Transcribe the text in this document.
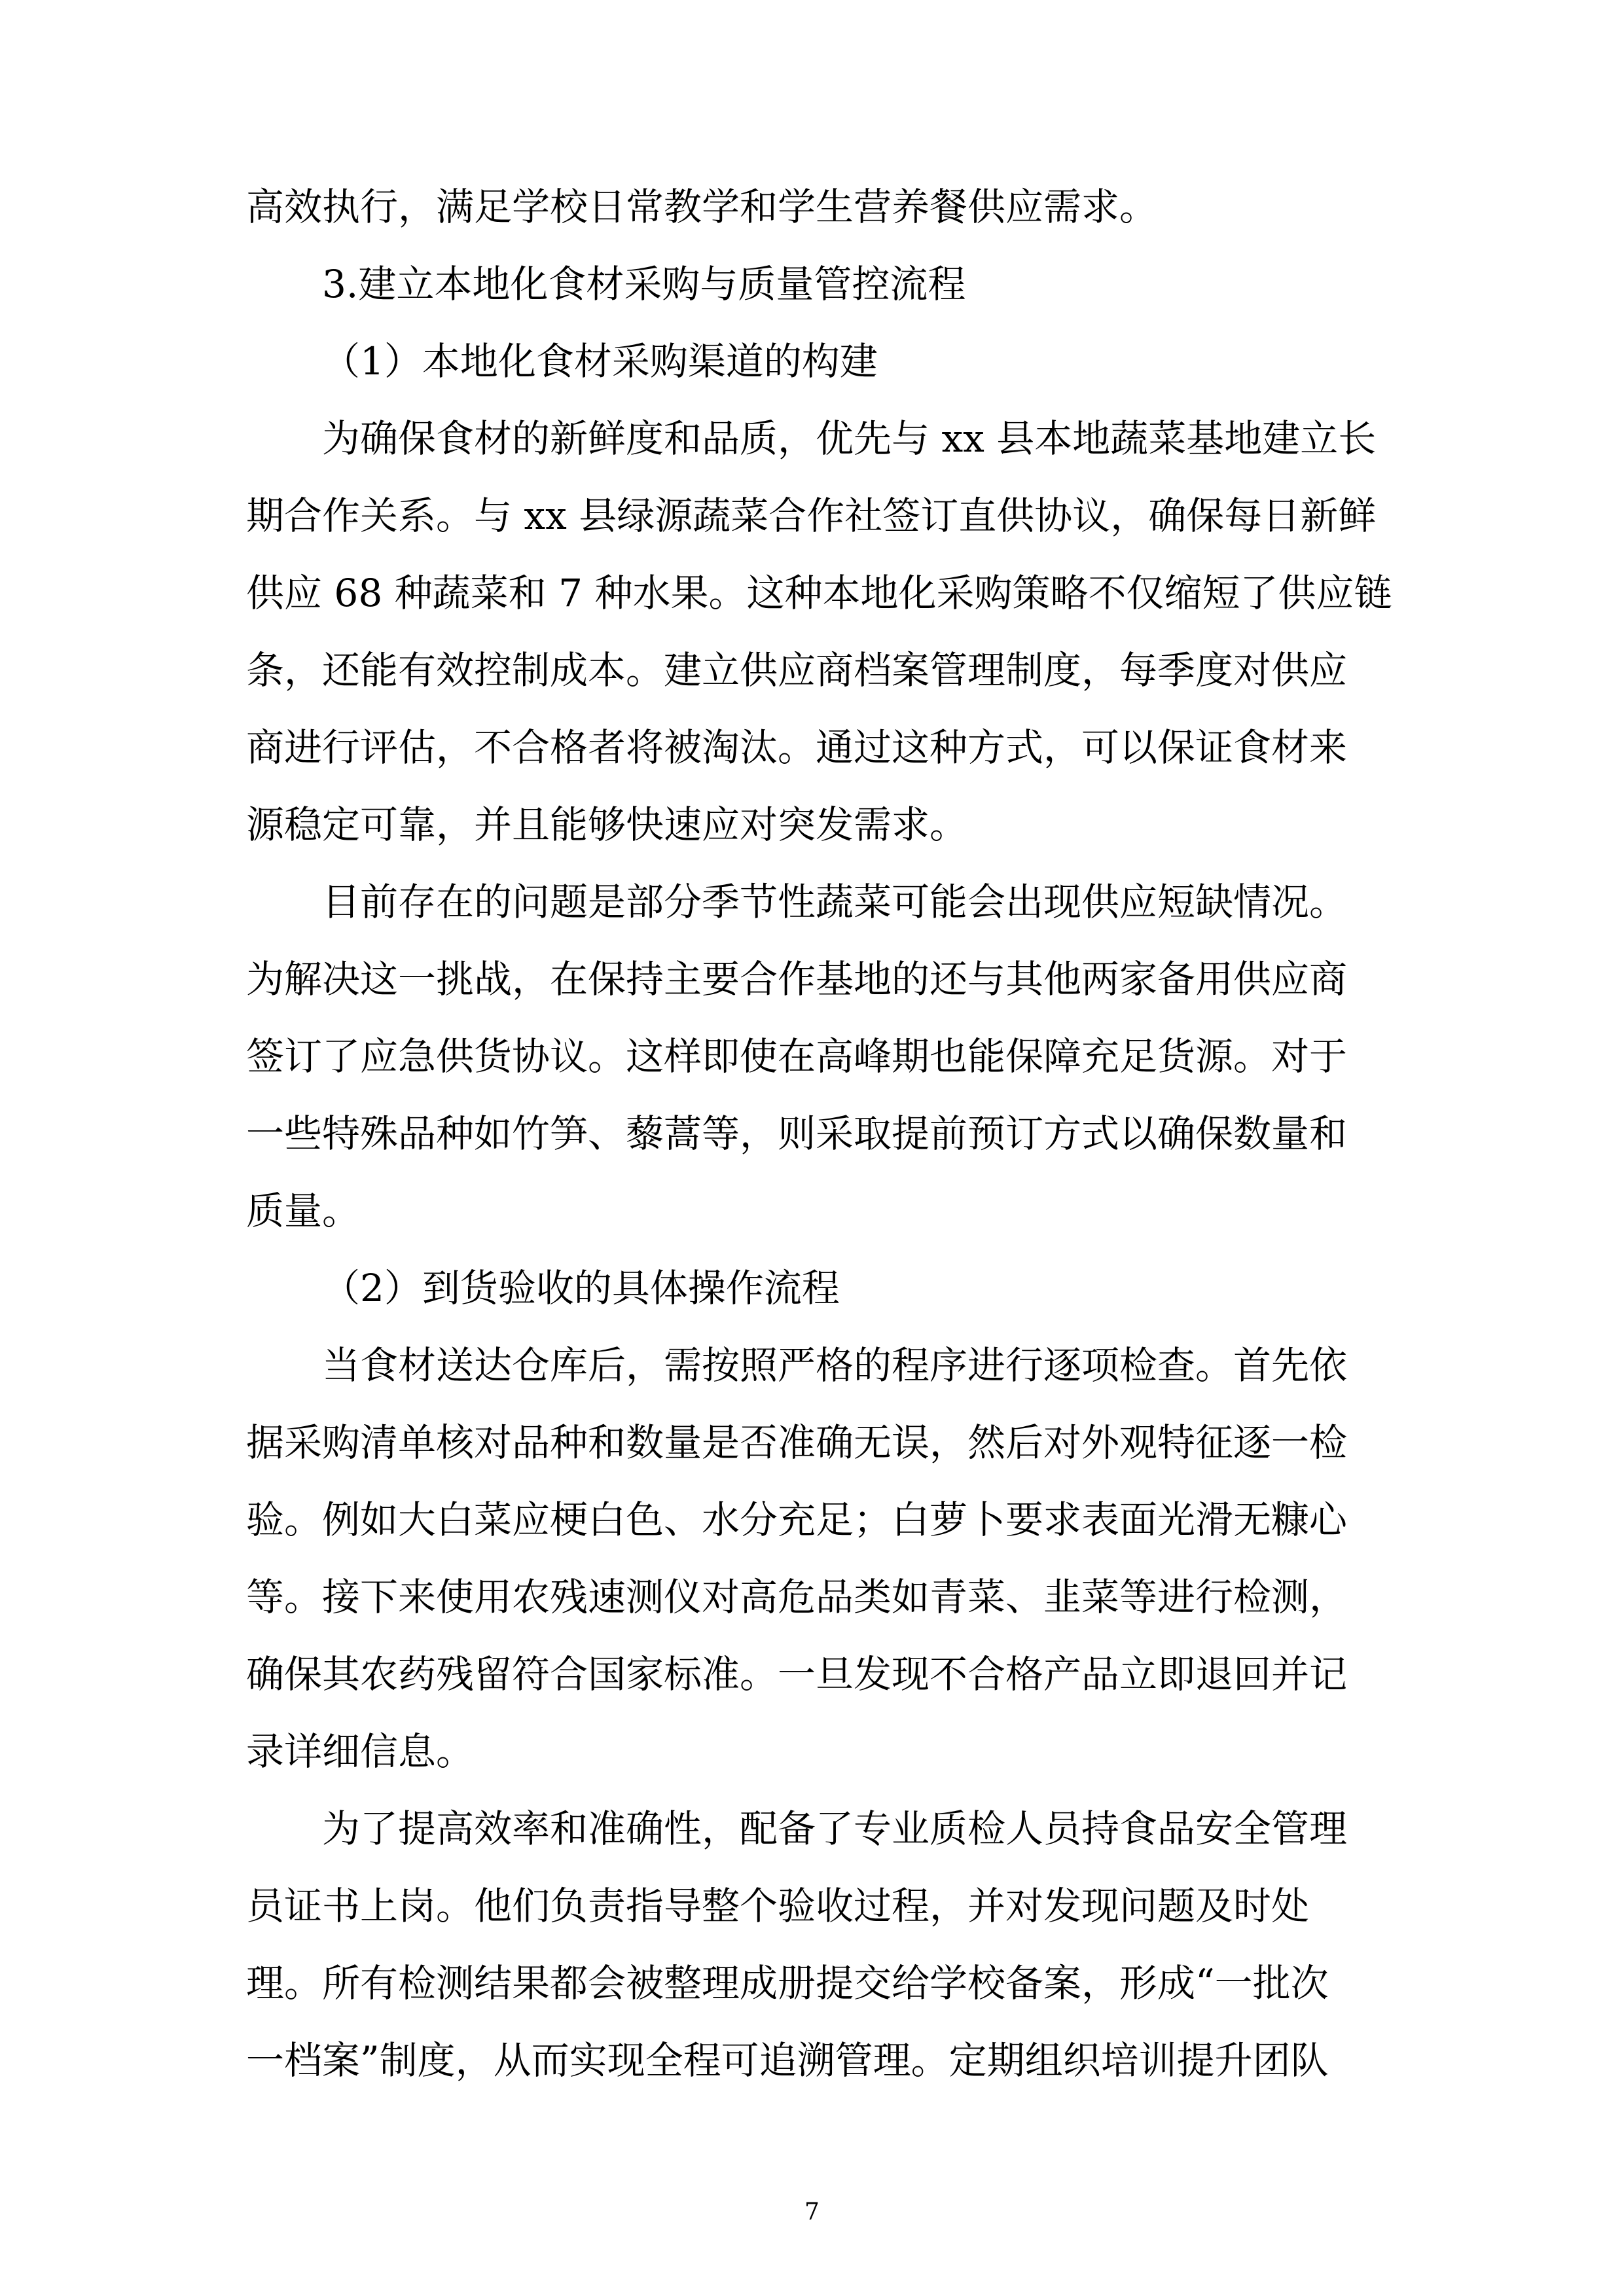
高效执行，满足学校日常教学和学生营养餐供应需求。
3.建立本地化食材采购与质量管控流程
（1）本地化食材采购渠道的构建
为确保食材的新鲜度和品质，优先与 xx 县本地蔬菜基地建立长
期合作关系。与 xx 县绿源蔬菜合作社签订直供协议，确保每日新鲜
供应 68 种蔬菜和 7 种水果。这种本地化采购策略不仅缩短了供应链
条，还能有效控制成本。建立供应商档案管理制度，每季度对供应
商进行评估，不合格者将被淘汰。通过这种方式，可以保证食材来
源稳定可靠，并且能够快速应对突发需求。
目前存在的问题是部分季节性蔬菜可能会出现供应短缺情况。
为解决这一挑战，在保持主要合作基地的还与其他两家备用供应商
签订了应急供货协议。这样即使在高峰期也能保障充足货源。对于
一些特殊品种如竹笋、藜蒿等，则采取提前预订方式以确保数量和
质量。
（2）到货验收的具体操作流程
当食材送达仓库后，需按照严格的程序进行逐项检查。首先依
据采购清单核对品种和数量是否准确无误，然后对外观特征逐一检
验。例如大白菜应梗白色、水分充足；白萝卜要求表面光滑无糠心
等。接下来使用农残速测仪对高危品类如青菜、韭菜等进行检测，
确保其农药残留符合国家标准。一旦发现不合格产品立即退回并记
录详细信息。
为了提高效率和准确性，配备了专业质检人员持食品安全管理
员证书上岗。他们负责指导整个验收过程，并对发现问题及时处
理。所有检测结果都会被整理成册提交给学校备案，形成“一批次
一档案”制度，从而实现全程可追溯管理。定期组织培训提升团队
7
